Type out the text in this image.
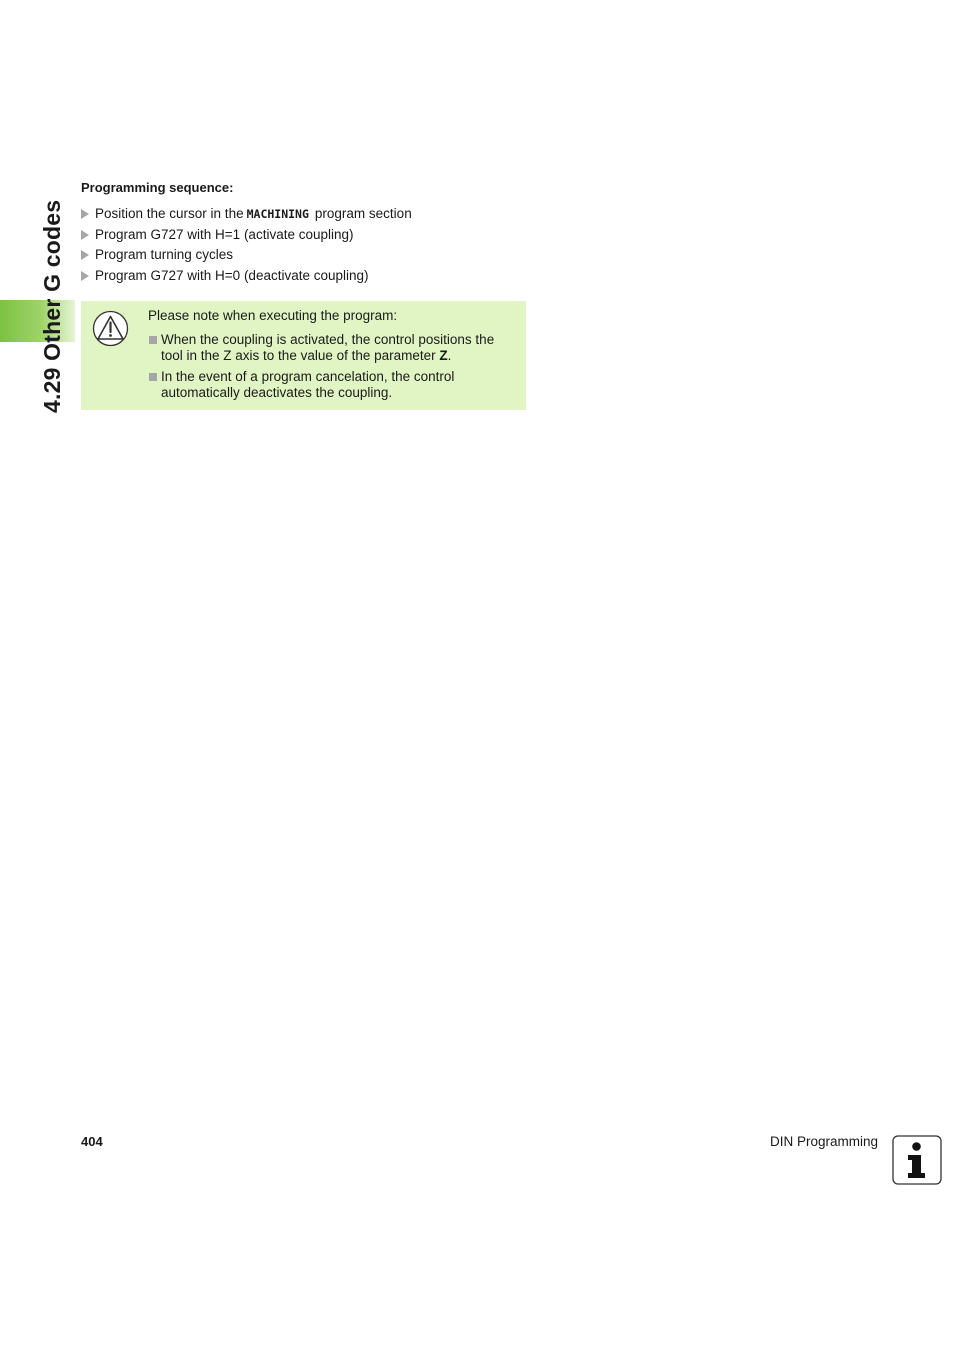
4.29 Other G codes

Programming sequence:

Position the cursor in the MACHINING program section
Program G727 with H=1 (activate coupling)
Program turning cycles
Program G727 with H=0 (deactivate coupling)

Please note when executing the program:

When the coupling is activated, the control positions the tool in the Z axis to the value of the parameter Z.
In the event of a program cancelation, the control automatically deactivates the coupling.

404	DIN Programming
